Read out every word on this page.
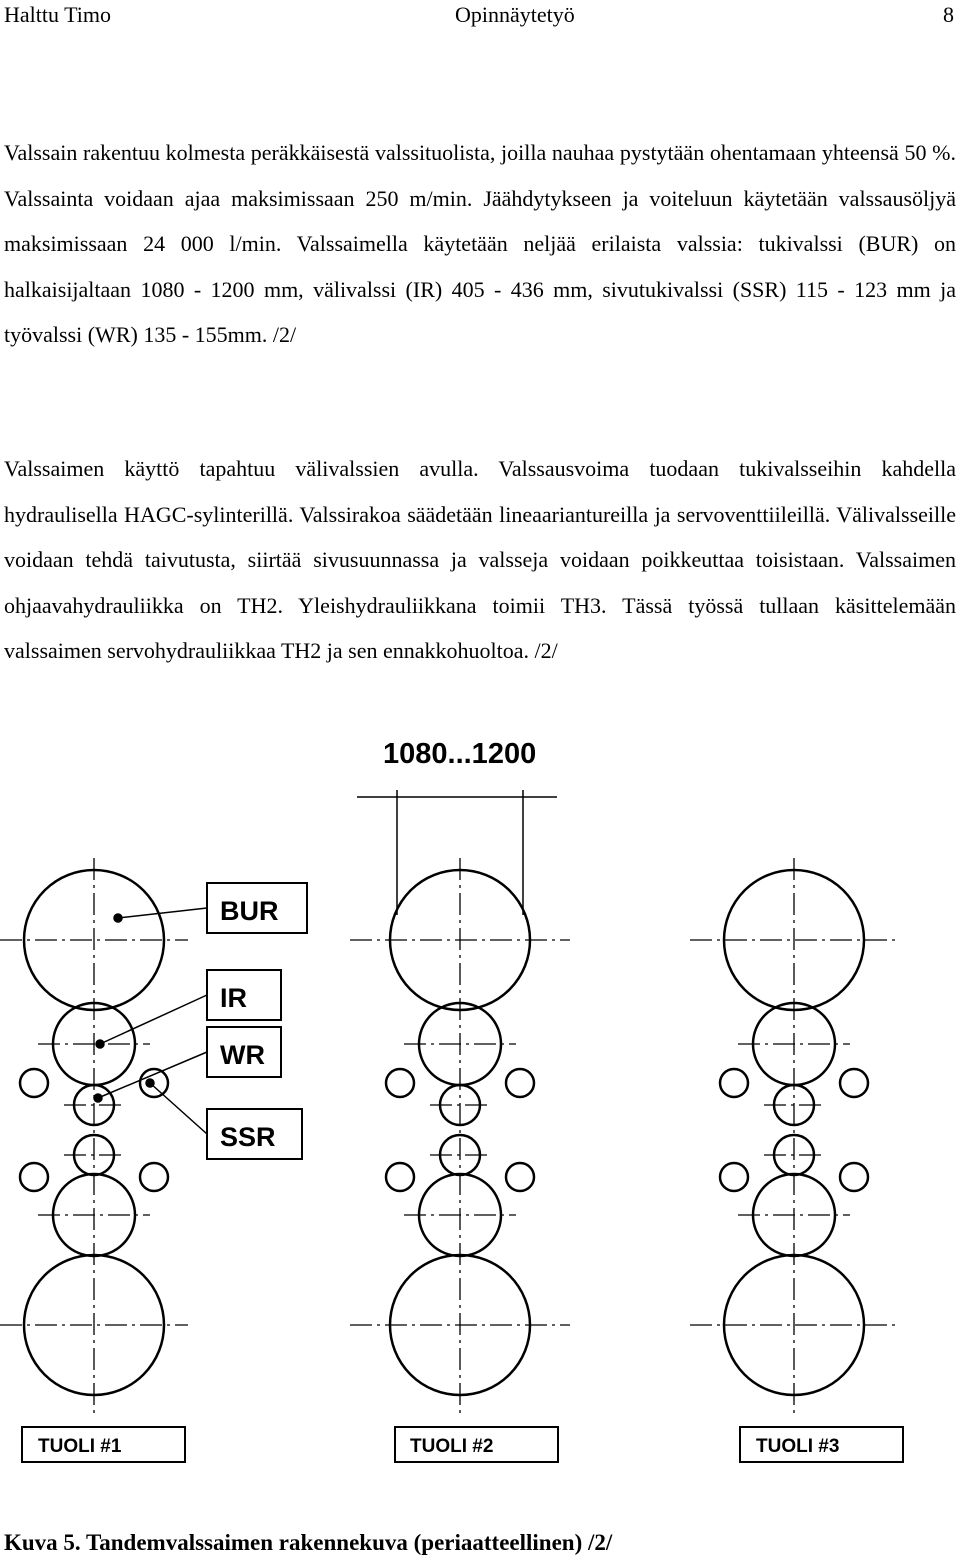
Halttu Timo	Opinnäytetyö	8

Valssain rakentuu kolmesta peräkkäisestä valssituolista, joilla nauhaa pystytään ohentamaan yhteensä 50 %. Valssainta voidaan ajaa maksimissaan 250 m/min. Jäähdytykseen ja voiteluun käytetään valssausöljyä maksimissaan 24 000 l/min. Valssaimella käytetään neljää erilaista valssia: tukivalssi (BUR) on halkaisijaltaan 1080 - 1200 mm, välivalssi (IR) 405 - 436 mm, sivutukivalssi (SSR) 115 - 123 mm ja työvalssi (WR) 135 - 155mm. /2/

Valssaimen käyttö tapahtuu välivalssien avulla. Valssausvoima tuodaan tukivalsseihin kahdella hydraulisella HAGC-sylinterillä. Valssirakoa säädetään lineaariantureilla ja servoventtiileillä. Välivalsseille voidaan tehdä taivutusta, siirtää sivusuunnassa ja valsseja voidaan poikkeuttaa toisistaan. Valssaimen ohjaavahydrauliikka on TH2. Yleishydrauliikkana toimii TH3. Tässä työssä tullaan käsittelemään valssaimen servohydrauliikkaa TH2 ja sen ennakkohuoltoa. /2/

1080...1200
BUR
IR
WR
SSR
TUOLI #1	TUOLI #2	TUOLI #3
Kuva 5. Tandemvalssaimen rakennekuva (periaatteellinen) /2/
